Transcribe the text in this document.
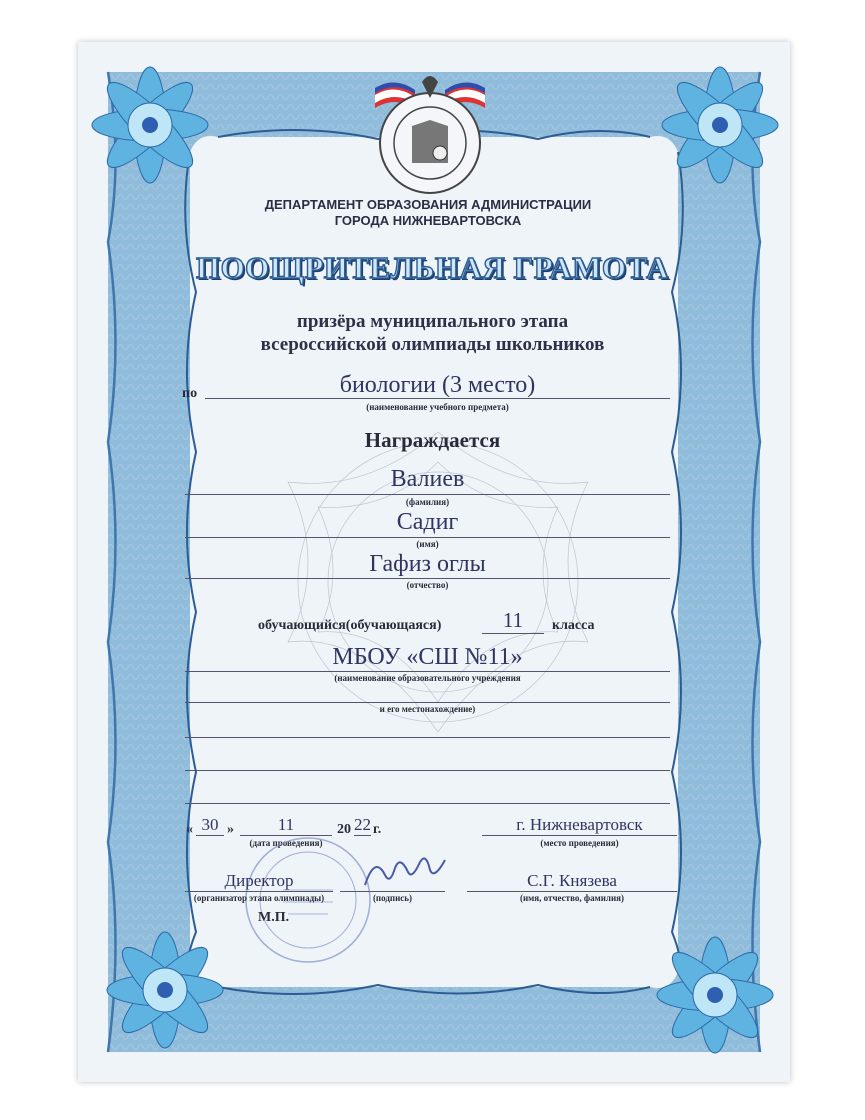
ДЕПАРТАМЕНТ ОБРАЗОВАНИЯ АДМИНИСТРАЦИИ
ГОРОДА НИЖНЕВАРТОВСКА
ПООЩРИТЕЛЬНАЯ ГРАМОТА
призёра муниципального этапа
всероссийской олимпиады школьников
по	биологии (3 место)
(наименование учебного предмета)
Награждается
Валиев
(фамилия)
Садиг
(имя)
Гафиз оглы
(отчество)
обучающийся(обучающаяся)	11	класса
МБОУ «СШ №11»
(наименование образовательного учреждения
и его местонахождение)
« 30 »	11	20 22 г.
(дата проведения)
г. Нижневартовск
(место проведения)
Директор
(организатор этапа олимпиады)	(подпись)
С.Г. Князева
(имя, отчество, фамилия)
М.П.
